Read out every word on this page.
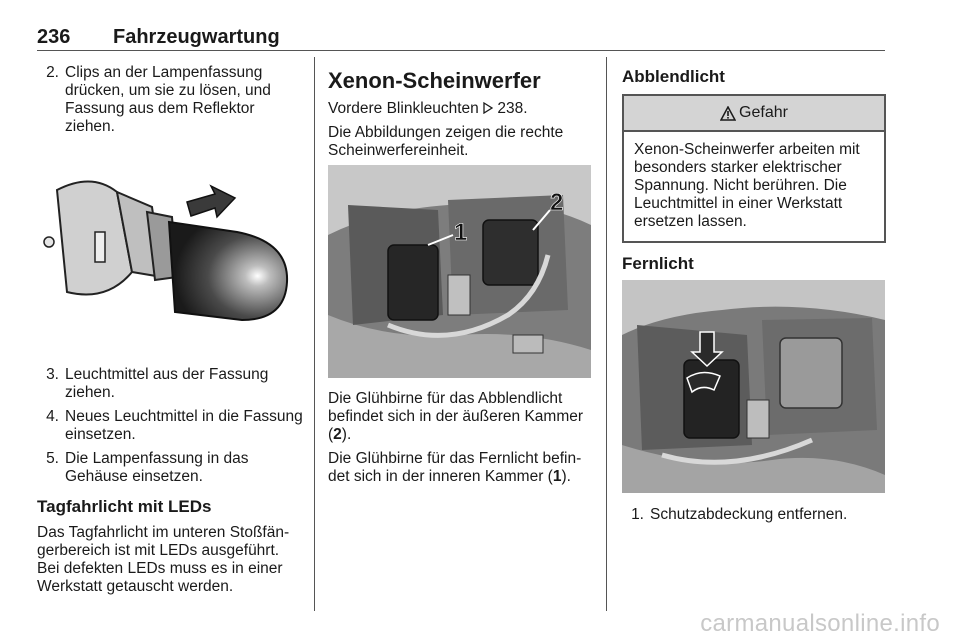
236 Fahrzeugwartung
2. Clips an der Lampenfassung drücken, um sie zu lösen, und Fassung aus dem Reflektor ziehen.
3. Leuchtmittel aus der Fassung ziehen.
4. Neues Leuchtmittel in die Fassung einsetzen.
5. Die Lampenfassung in das Gehäuse einsetzen.
Tagfahrlicht mit LEDs

Das Tagfahrlicht im unteren Stoßfän-gerbereich ist mit LEDs ausgeführt. Bei defekten LEDs muss es in einer Werkstatt getauscht werden.

Xenon-Scheinwerfer

Vordere Blinkleuchten 238.

Die Abbildungen zeigen die rechte Scheinwerfereinheit.

1
2

Die Glühbirne für das Abblendlicht befindet sich in der äußeren Kammer (2).

Die Glühbirne für das Fernlicht befin-det sich in der inneren Kammer (1).

Abblendlicht
Gefahr
Xenon-Scheinwerfer arbeiten mit besonders starker elektrischer Spannung. Nicht berühren. Die Leuchtmittel in einer Werkstatt ersetzen lassen.
Fernlicht
1. Schutzabdeckung entfernen.
carmanualsonline.info
